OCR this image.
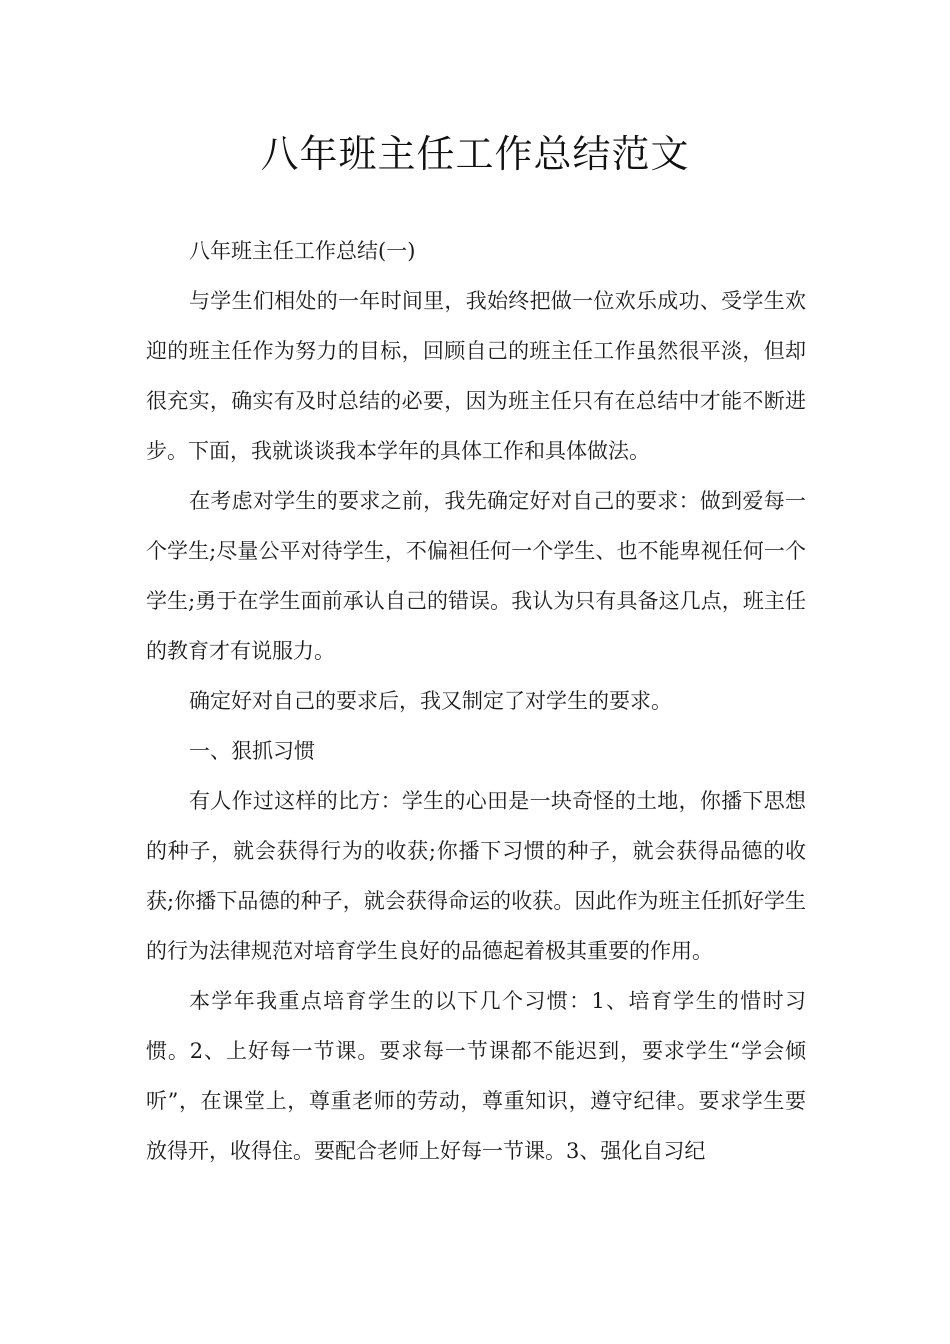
八年班主任工作总结范文

八年班主任工作总结(一)

与学生们相处的一年时间里，我始终把做一位欢乐成功、受学生欢迎的班主任作为努力的目标，回顾自己的班主任工作虽然很平淡，但却很充实，确实有及时总结的必要，因为班主任只有在总结中才能不断进步。下面，我就谈谈我本学年的具体工作和具体做法。

在考虑对学生的要求之前，我先确定好对自己的要求：做到爱每一个学生;尽量公平对待学生，不偏袒任何一个学生、也不能卑视任何一个学生;勇于在学生面前承认自己的错误。我认为只有具备这几点，班主任的教育才有说服力。

确定好对自己的要求后，我又制定了对学生的要求。

一、狠抓习惯

有人作过这样的比方：学生的心田是一块奇怪的土地，你播下思想的种子，就会获得行为的收获;你播下习惯的种子，就会获得品德的收获;你播下品德的种子，就会获得命运的收获。因此作为班主任抓好学生的行为法律规范对培育学生良好的品德起着极其重要的作用。

本学年我重点培育学生的以下几个习惯：1、培育学生的惜时习惯。2、上好每一节课。要求每一节课都不能迟到，要求学生“学会倾听”，在课堂上，尊重老师的劳动，尊重知识，遵守纪律。要求学生要放得开，收得住。要配合老师上好每一节课。3、强化自习纪
